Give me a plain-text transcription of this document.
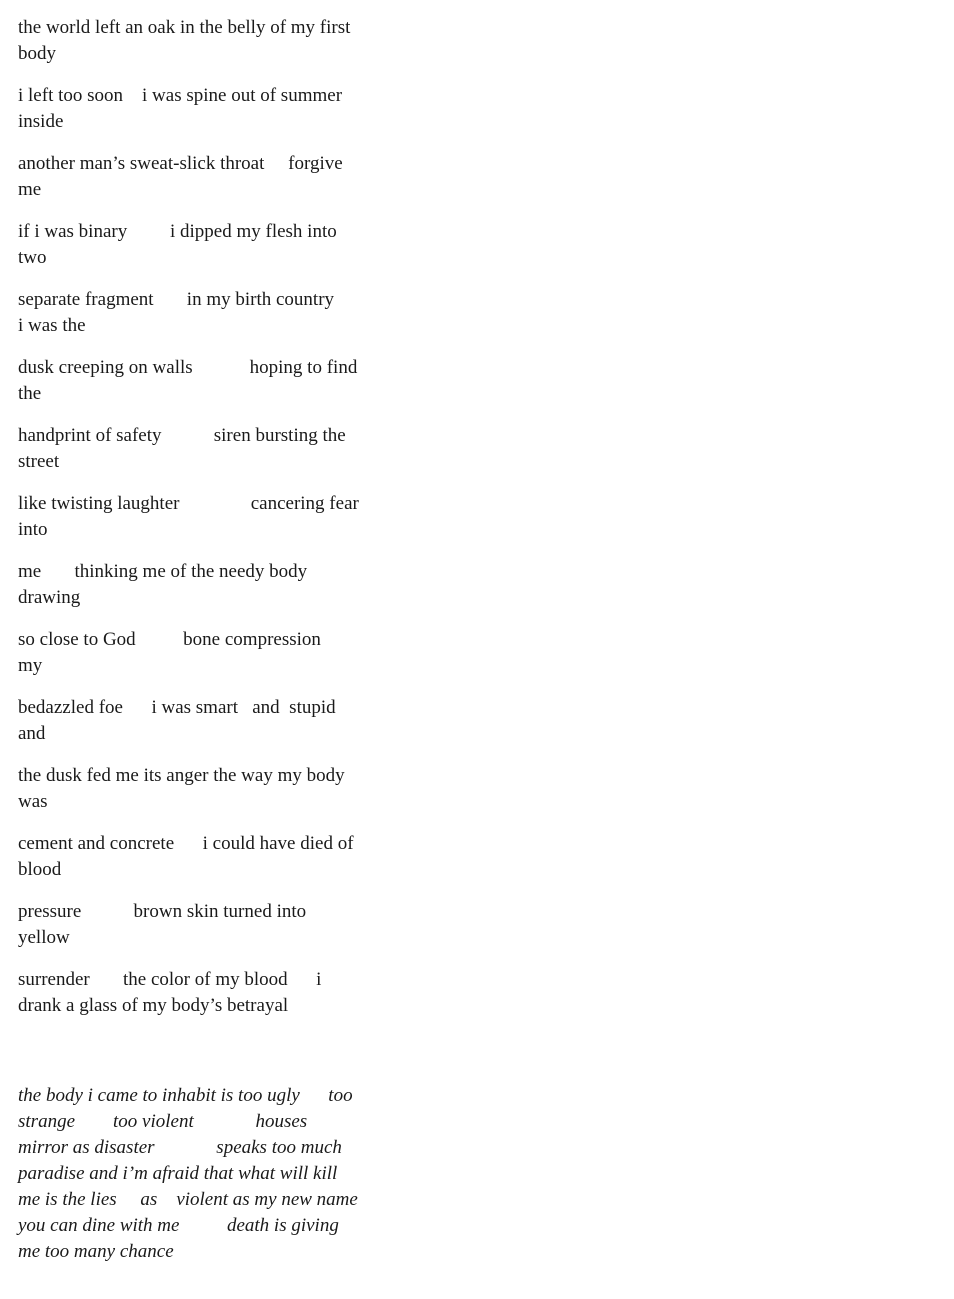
the world left an oak in the belly of my first
body

i left too soon    i was spine out of summer
inside

another man’s sweat-slick throat     forgive
me

if i was binary         i dipped my flesh into
two

separate fragment       in my birth country
i was the

dusk creeping on walls            hoping to find
the

handprint of safety           siren bursting the
street

like twisting laughter               cancering fear
into

me       thinking me of the needy body
drawing

so close to God          bone compression
my

bedazzled foe      i was smart   and  stupid
and

the dusk fed me its anger the way my body
was

cement and concrete      i could have died of
blood

pressure           brown skin turned into
yellow

surrender       the color of my blood      i
drank a glass of my body’s betrayal

the body i came to inhabit is too ugly      too
strange        too violent             houses
mirror as disaster             speaks too much
paradise and i’m afraid that what will kill
me is the lies     as    violent as my new name
you can dine with me          death is giving
me too many chance
